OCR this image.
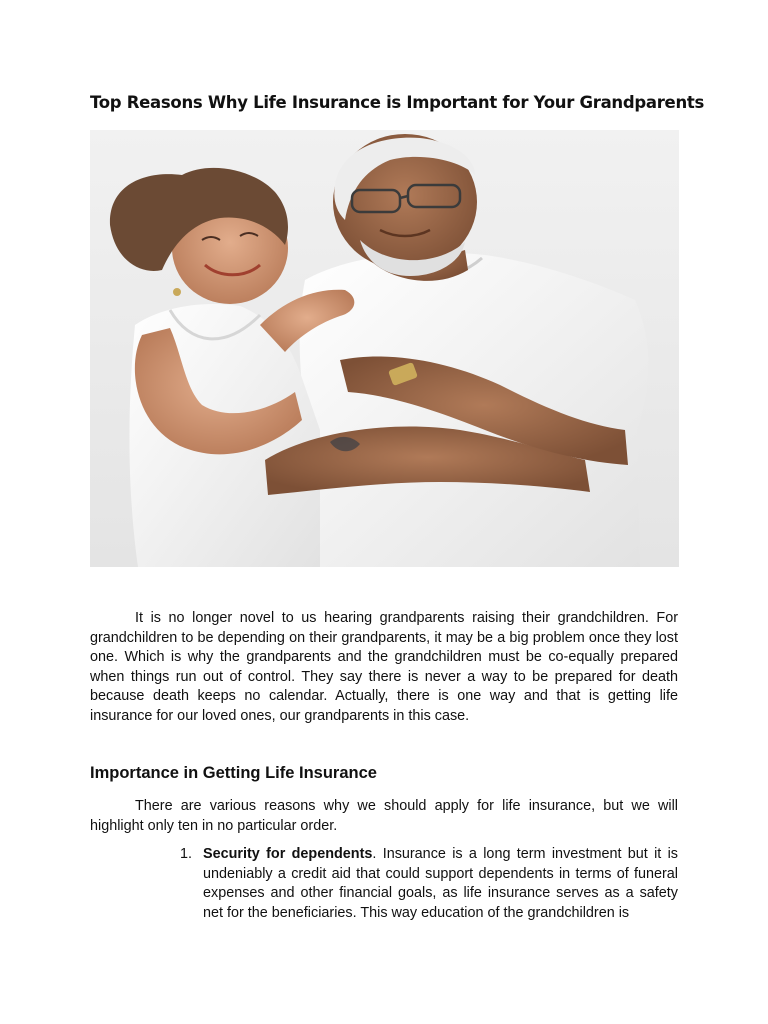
Top Reasons Why Life Insurance is Important for Your Grandparents

It is no longer novel to us hearing grandparents raising their grandchildren. For grandchildren to be depending on their grandparents, it may be a big problem once they lost one. Which is why the grandparents and the grandchildren must be co-equally prepared when things run out of control. They say there is never a way to be prepared for death because death keeps no calendar. Actually, there is one way and that is getting life insurance for our loved ones, our grandparents in this case.

Importance in Getting Life Insurance

There are various reasons why we should apply for life insurance, but we will highlight only ten in no particular order.

1. Security for dependents. Insurance is a long term investment but it is undeniably a credit aid that could support dependents in terms of funeral expenses and other financial goals, as life insurance serves as a safety net for the beneficiaries. This way education of the grandchildren is
